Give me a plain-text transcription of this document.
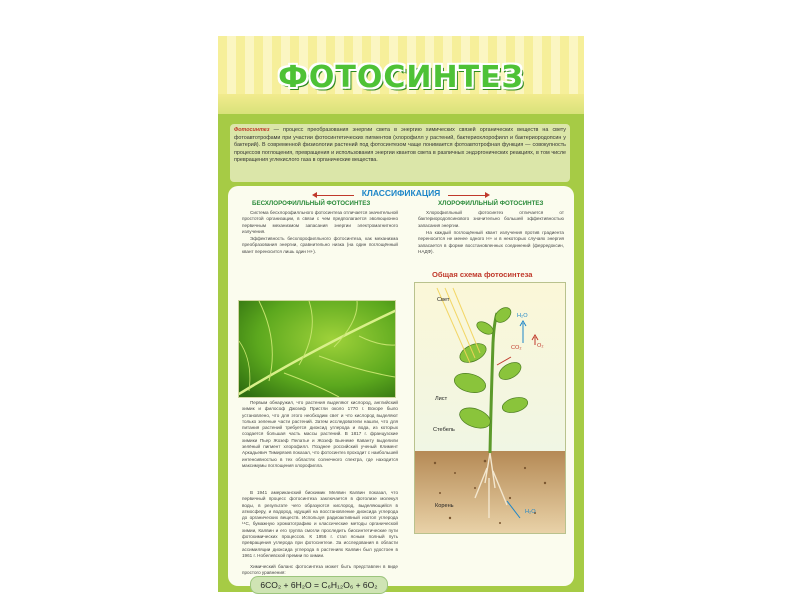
ФОТОСИНТЕЗ
Фотосинтез — процесс преобразования энергии света в энергию химических связей органических веществ на свету фотоавтотрофами при участии фотосинтетических пигментов (хлорофилл у растений, бактериохлорофилл и бактериородопсин у бактерий). В современной физиологии растений под фотосинтезом чаще понимается фотоавтотрофная функция — совокупность процессов поглощения, превращения и использования энергии квантов света в различных эндэргонических реакциях, в том числе превращения углекислого газа в органические вещества.
КЛАССИФИКАЦИЯ
БЕСХЛОРОФИЛЛЬНЫЙ ФОТОСИНТЕЗ	ХЛОРОФИЛЛЬНЫЙ ФОТОСИНТЕЗ
Система бесхлорофилльного фотосинтеза отличается значительной простотой организации, в связи с чем предполагается эволюционно первичным механизмом запасания энергии электромагнитного излучения.
Эффективность бесхлорофилльного фотосинтеза, как механизма преобразования энергии, сравнительно низка (на один поглощённый квант переносится лишь один H+).
Хлорофилльный фотосинтез отличается от бактериородопсинового значительно большей эффективностью запасания энергии.
На каждый поглощённый квант излучения против градиента переносится не менее одного H+ и в некоторых случаях энергия запасается в форме восстановленных соединений (ферредоксин, НАДФ).
Первым обнаружил, что растения выделяют кислород, английский химик и философ Джозеф Пристли около 1770 г. Вскоре было установлено, что для этого необходим свет и что кислород выделяют только зеленые части растений. Затем исследователи нашли, что для питания растений требуется диоксид углерода и вода, из которых создается большая часть массы растений. В 1817 г. французские химики Пьер Жозеф Пелатье и Жозеф Бьенеме Каванту выделили зелёный пигмент хлорофилл. Позднее российский ученый Климент Аркадьевич Тимирязев показал, что фотосинтез проходит с наибольшей интенсивностью в тех областях солнечного спектра, где находится максимумы поглощения хлорофилла.
В 1941 американский биохимик Мелвин Калвин показал, что первичный процесс фотосинтеза заключается в фотолизе молекул воды, в результате чего образуются кислород, выделяющийся в атмосферу, и водород, идущий на восстановление диоксида углерода до органических веществ. Используя радиоактивный изотоп углерода ¹⁴C, бумажную хроматографию и классические методы органической химии, Калвин и его группа смогли проследить биосинтетические пути фотохимических процессов. К 1956 г. стал ясным полный путь превращения углерода при фотосинтезе. За исследования в области ассимиляции диоксида углерода в растениях Калвин был удостоен в 1961 г. Нобелевской премии по химии.
Химический баланс фотосинтеза может быть представлен в виде простого уравнения:
6CO₂ + 6H₂O = C₆H₁₂O₆ + 6O₂
Общая схема фотосинтеза
Свет
Лист
Стебель
Корень
H₂O
CO₂	O₂
H₂O
